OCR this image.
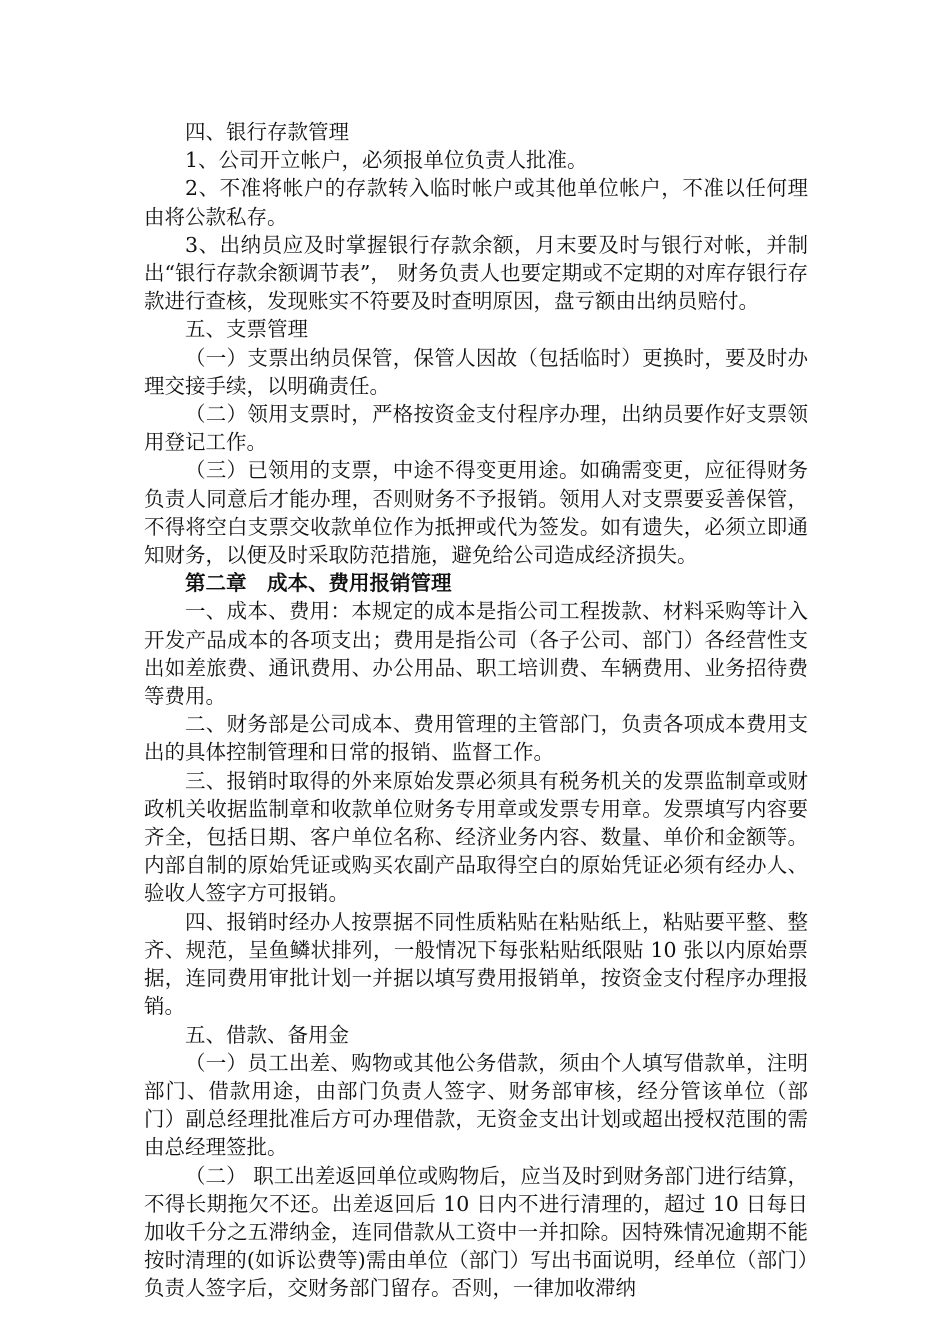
四、银行存款管理

1、公司开立帐户，必须报单位负责人批准。

2、不准将帐户的存款转入临时帐户或其他单位帐户，不准以任何理由将公款私存。

3、出纳员应及时掌握银行存款余额，月末要及时与银行对帐，并制出“银行存款余额调节表”， 财务负责人也要定期或不定期的对库存银行存款进行查核，发现账实不符要及时查明原因，盘亏额由出纳员赔付。

五、支票管理

（一）支票出纳员保管，保管人因故（包括临时）更换时，要及时办理交接手续，以明确责任。

（二）领用支票时，严格按资金支付程序办理，出纳员要作好支票领用登记工作。

（三）已领用的支票，中途不得变更用途。如确需变更，应征得财务负责人同意后才能办理，否则财务不予报销。领用人对支票要妥善保管，不得将空白支票交收款单位作为抵押或代为签发。如有遗失，必须立即通知财务，以便及时采取防范措施，避免给公司造成经济损失。

第二章　成本、费用报销管理

一、成本、费用：本规定的成本是指公司工程拨款、材料采购等计入开发产品成本的各项支出；费用是指公司（各子公司、部门）各经营性支出如差旅费、通讯费用、办公用品、职工培训费、车辆费用、业务招待费等费用。

二、财务部是公司成本、费用管理的主管部门，负责各项成本费用支出的具体控制管理和日常的报销、监督工作。

三、报销时取得的外来原始发票必须具有税务机关的发票监制章或财政机关收据监制章和收款单位财务专用章或发票专用章。发票填写内容要齐全，包括日期、客户单位名称、经济业务内容、数量、单价和金额等。内部自制的原始凭证或购买农副产品取得空白的原始凭证必须有经办人、验收人签字方可报销。

四、报销时经办人按票据不同性质粘贴在粘贴纸上，粘贴要平整、整齐、规范，呈鱼鳞状排列，一般情况下每张粘贴纸限贴 10 张以内原始票据，连同费用审批计划一并据以填写费用报销单，按资金支付程序办理报销。

五、借款、备用金

（一）员工出差、购物或其他公务借款，须由个人填写借款单，注明部门、借款用途，由部门负责人签字、财务部审核，经分管该单位（部门）副总经理批准后方可办理借款，无资金支出计划或超出授权范围的需由总经理签批。

（二） 职工出差返回单位或购物后，应当及时到财务部门进行结算，不得长期拖欠不还。出差返回后 10 日内不进行清理的，超过 10 日每日加收千分之五滞纳金，连同借款从工资中一并扣除。因特殊情况逾期不能按时清理的(如诉讼费等)需由单位（部门）写出书面说明，经单位（部门）负责人签字后，交财务部门留存。否则，一律加收滞纳
